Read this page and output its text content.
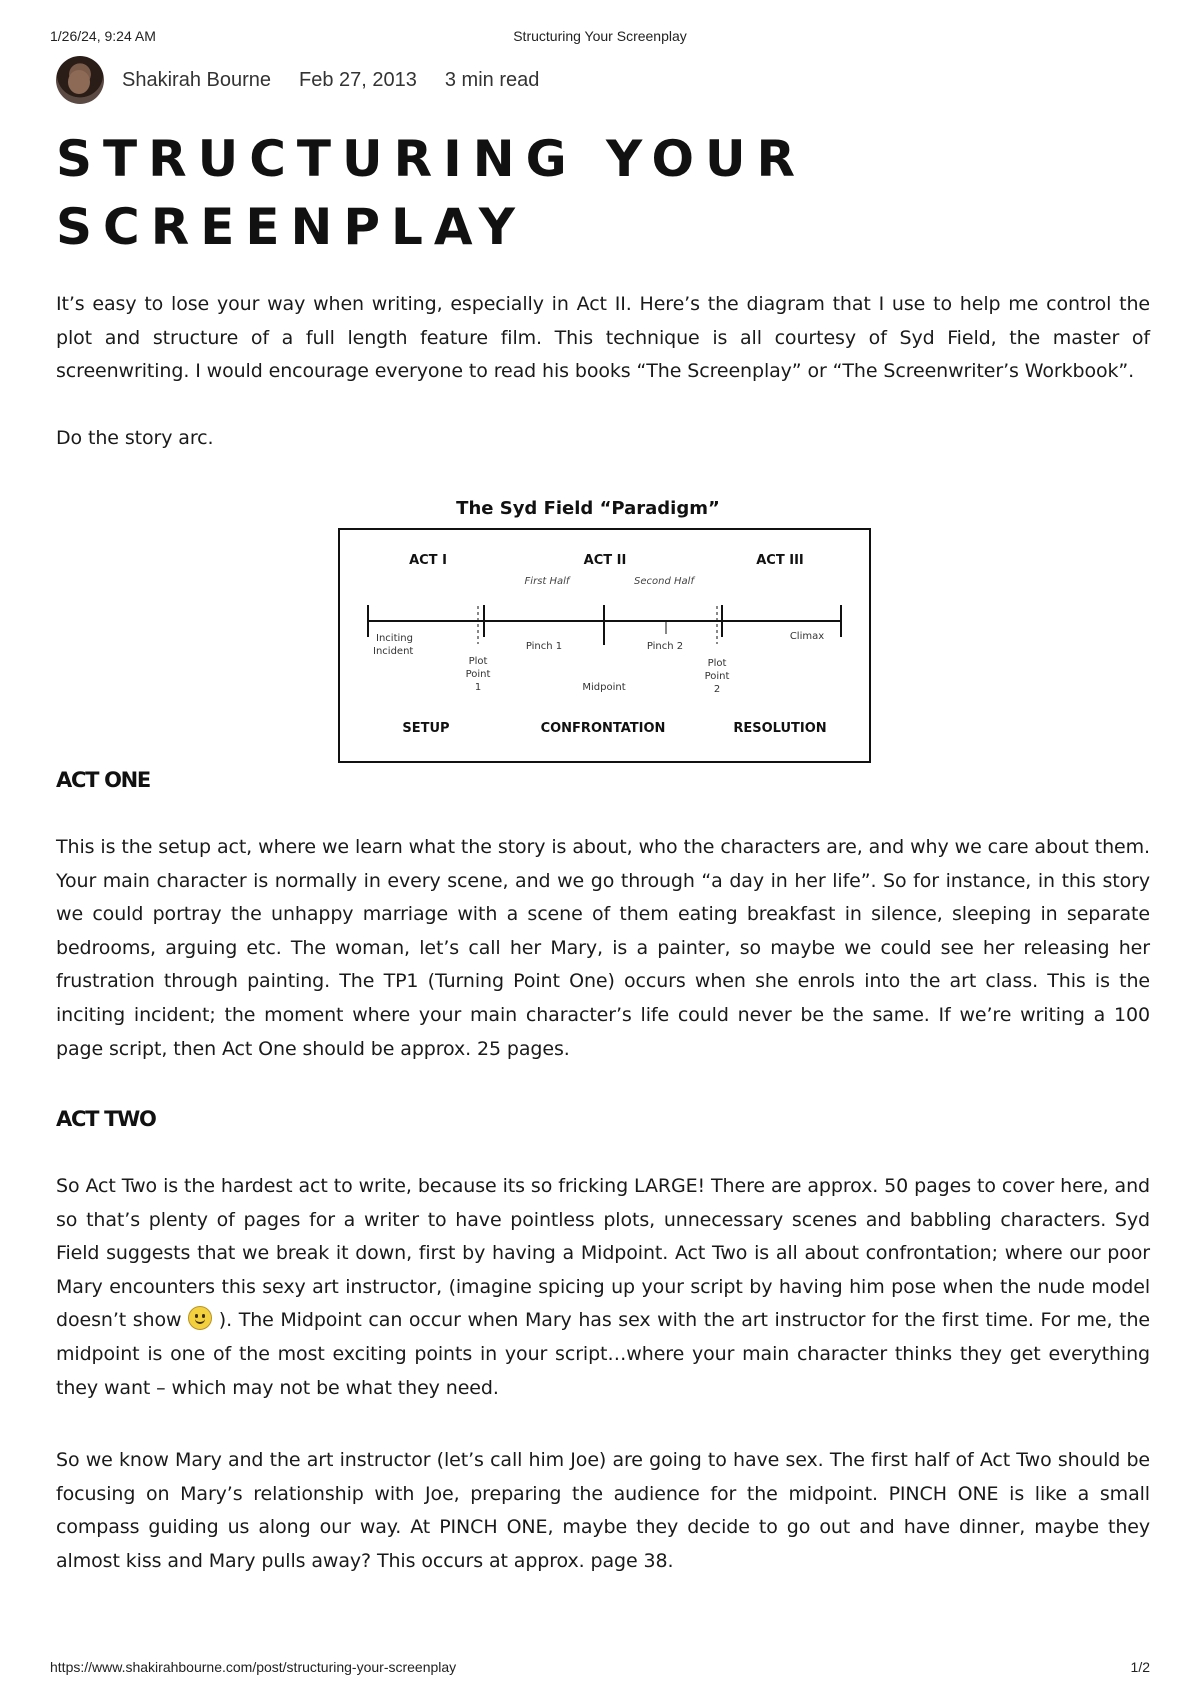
1/26/24, 9:24 AM	Structuring Your Screenplay
Shakirah Bourne Feb 27, 2013 3 min read
STRUCTURING YOUR SCREENPLAY

It’s easy to lose your way when writing, especially in Act II. Here’s the diagram that I use to help me control the plot and structure of a full length feature film. This technique is all courtesy of Syd Field, the master of screenwriting. I would encourage everyone to read his books “The Screenplay” or “The Screenwriter’s Workbook”.

Do the story arc.

The Syd Field “Paradigm”
ACT I	ACT II	ACT III
First Half	Second Half
Inciting
Incident	Pinch 1	Pinch 2
Climax
Midpoint
Plot
Point
1
Plot
Point
2
SETUP	CONFRONTATION	RESOLUTION
ACT ONE

This is the setup act, where we learn what the story is about, who the characters are, and why we care about them. Your main character is normally in every scene, and we go through “a day in her life”. So for instance, in this story we could portray the unhappy marriage with a scene of them eating breakfast in silence, sleeping in separate bedrooms, arguing etc. The woman, let’s call her Mary, is a painter, so maybe we could see her releasing her frustration through painting. The TP1 (Turning Point One) occurs when she enrols into the art class. This is the inciting incident; the moment where your main character’s life could never be the same. If we’re writing a 100 page script, then Act One should be approx. 25 pages.

ACT TWO

So Act Two is the hardest act to write, because its so fricking LARGE! There are approx. 50 pages to cover here, and so that’s plenty of pages for a writer to have pointless plots, unnecessary scenes and babbling characters. Syd Field suggests that we break it down, first by having a Midpoint. Act Two is all about confrontation; where our poor Mary encounters this sexy art instructor, (imagine spicing up your script by having him pose when the nude model doesn’t show ). The Midpoint can occur when Mary has sex with the art instructor for the first time. For me, the midpoint is one of the most exciting points in your script…where your main character thinks they get everything they want – which may not be what they need.

So we know Mary and the art instructor (let’s call him Joe) are going to have sex. The first half of Act Two should be focusing on Mary’s relationship with Joe, preparing the audience for the midpoint. PINCH ONE is like a small compass guiding us along our way. At PINCH ONE, maybe they decide to go out and have dinner, maybe they almost kiss and Mary pulls away? This occurs at approx. page 38.

https://www.shakirahbourne.com/post/structuring-your-screenplay	1/2
